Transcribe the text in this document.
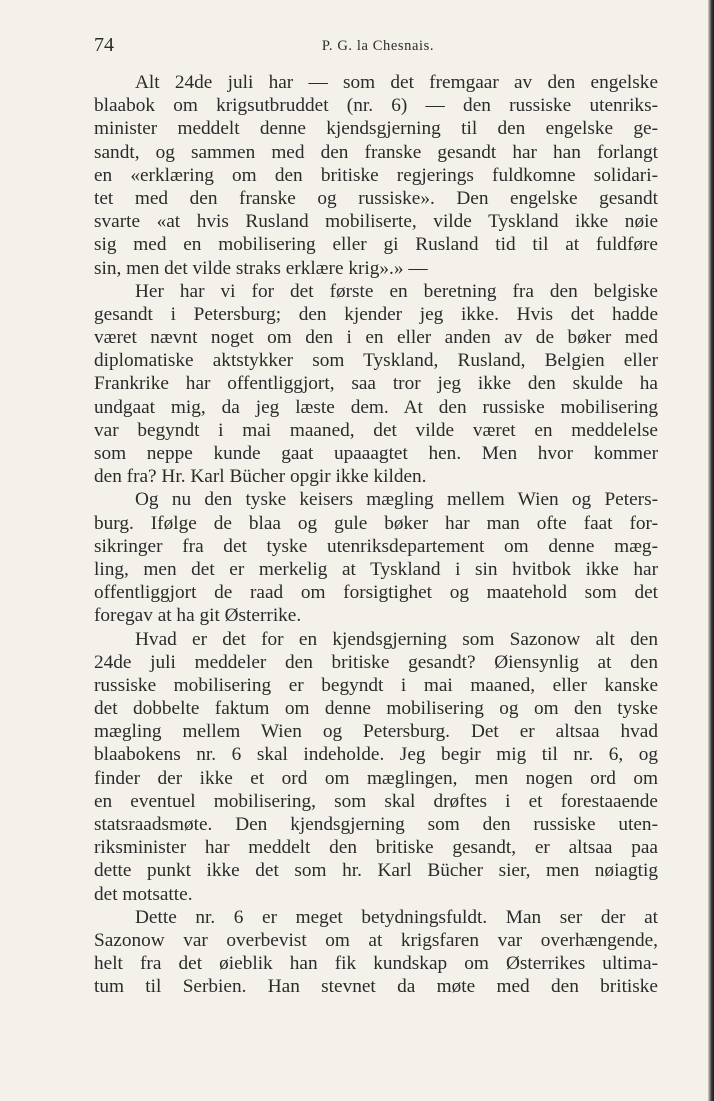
74	P. G. la Chesnais.
Alt 24de juli har — som det fremgaar av den engelske
blaabok om krigsutbruddet (nr. 6) — den russiske utenriks-
minister meddelt denne kjendsgjerning til den engelske ge-
sandt, og sammen med den franske gesandt har han forlangt
en «erklæring om den britiske regjerings fuldkomne solidari-
tet med den franske og russiske». Den engelske gesandt
svarte «at hvis Rusland mobiliserte, vilde Tyskland ikke nøie
sig med en mobilisering eller gi Rusland tid til at fuldføre
sin, men det vilde straks erklære krig».» —
Her har vi for det første en beretning fra den belgiske
gesandt i Petersburg; den kjender jeg ikke. Hvis det hadde
været nævnt noget om den i en eller anden av de bøker med
diplomatiske aktstykker som Tyskland, Rusland, Belgien eller
Frankrike har offentliggjort, saa tror jeg ikke den skulde ha
undgaat mig, da jeg læste dem. At den russiske mobilisering
var begyndt i mai maaned, det vilde været en meddelelse
som neppe kunde gaat upaaagtet hen. Men hvor kommer
den fra? Hr. Karl Bücher opgir ikke kilden.
Og nu den tyske keisers mægling mellem Wien og Peters-
burg. Ifølge de blaa og gule bøker har man ofte faat for-
sikringer fra det tyske utenriksdepartement om denne mæg-
ling, men det er merkelig at Tyskland i sin hvitbok ikke har
offentliggjort de raad om forsigtighet og maatehold som det
foregav at ha git Østerrike.
Hvad er det for en kjendsgjerning som Sazonow alt den
24de juli meddeler den britiske gesandt? Øiensynlig at den
russiske mobilisering er begyndt i mai maaned, eller kanske
det dobbelte faktum om denne mobilisering og om den tyske
mægling mellem Wien og Petersburg. Det er altsaa hvad
blaabokens nr. 6 skal indeholde. Jeg begir mig til nr. 6, og
finder der ikke et ord om mæglingen, men nogen ord om
en eventuel mobilisering, som skal drøftes i et forestaaende
statsraadsmøte. Den kjendsgjerning som den russiske uten-
riksminister har meddelt den britiske gesandt, er altsaa paa
dette punkt ikke det som hr. Karl Bücher sier, men nøiagtig
det motsatte.
Dette nr. 6 er meget betydningsfuldt. Man ser der at
Sazonow var overbevist om at krigsfaren var overhængende,
helt fra det øieblik han fik kundskap om Østerrikes ultima-
tum til Serbien. Han stevnet da møte med den britiske
